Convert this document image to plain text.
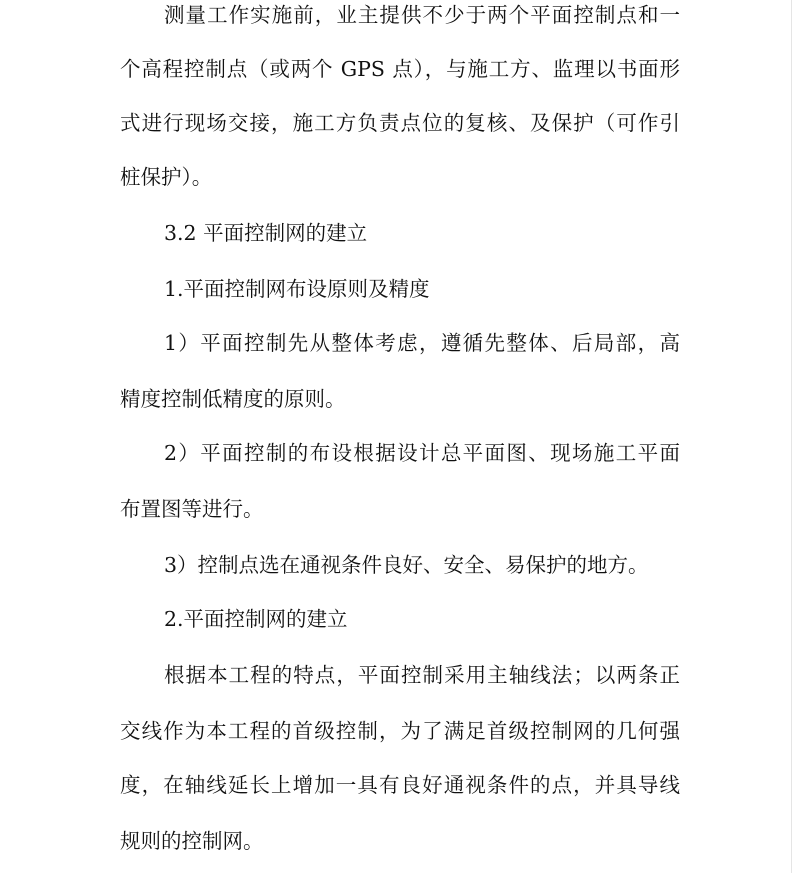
测量工作实施前，业主提供不少于两个平面控制点和一
个高程控制点（或两个 GPS 点），与施工方、监理以书面形
式进行现场交接，施工方负责点位的复核、及保护（可作引
桩保护）。
3.2 平面控制网的建立
1.平面控制网布设原则及精度
1）平面控制先从整体考虑，遵循先整体、后局部，高
精度控制低精度的原则。
2）平面控制的布设根据设计总平面图、现场施工平面
布置图等进行。
3）控制点选在通视条件良好、安全、易保护的地方。
2.平面控制网的建立
根据本工程的特点，平面控制采用主轴线法；以两条正
交线作为本工程的首级控制，为了满足首级控制网的几何强
度，在轴线延长上增加一具有良好通视条件的点，并具导线
规则的控制网。
